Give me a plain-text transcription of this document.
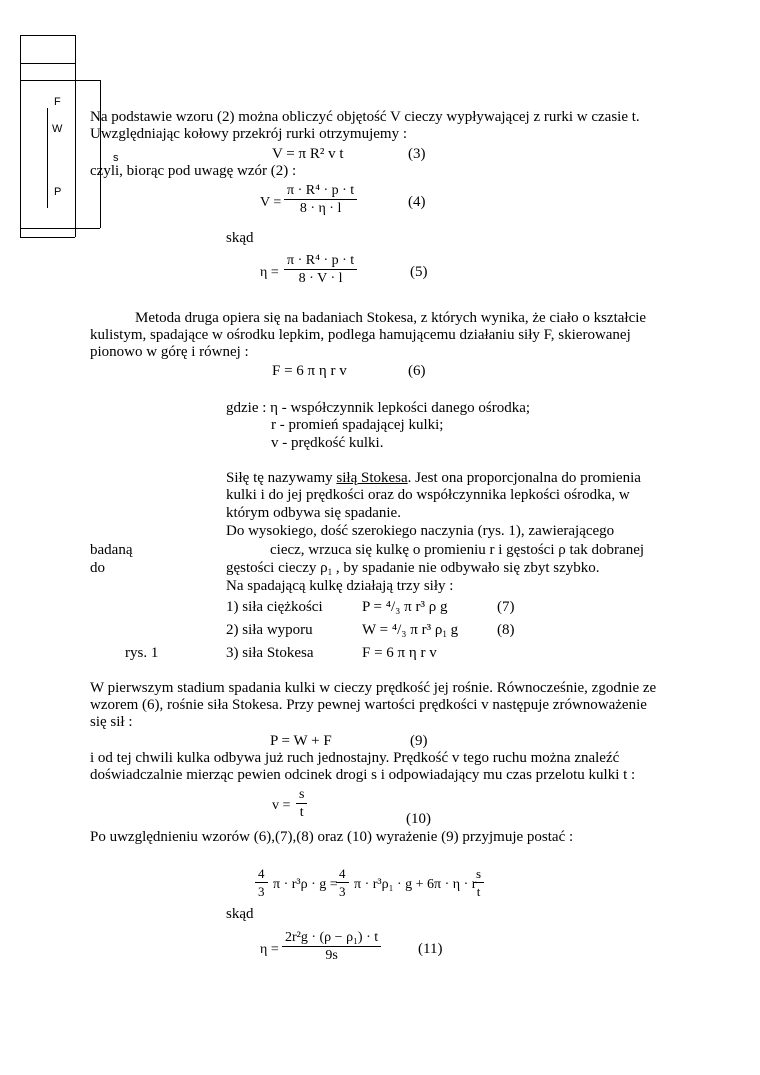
F
W
s
P
Na podstawie wzoru (2) można obliczyć objętość V cieczy wypływającej z rurki w czasie t.
Uwzględniając kołowy przekrój rurki otrzymujemy :
V = π R² v t	(3)
czyli, biorąc pod uwagę wzór (2) :
$V = \frac{\text{π · R⁴ · p · t}}{8 \cdot \eta \cdot l}$	(4)
skąd
$\eta = \frac{\text{π · R⁴ · p · t}}{8 \cdot V \cdot l}$	(5)
Metoda druga opiera się na badaniach Stokesa, z których wynika, że ciało o kształcie
kulistym, spadające w ośrodku lepkim, podlega hamującemu działaniu siły F, skierowanej
pionowo w górę i równej :
F = 6 π η r v	(6)
gdzie : η - współczynnik lepkości danego ośrodka;
r - promień spadającej kulki;
v - prędkość kulki.
Siłę tę nazywamy siłą Stokesa. Jest ona proporcjonalna do promienia
kulki i do jej prędkości oraz do współczynnika lepkości ośrodka, w
którym odbywa się spadanie.
Do wysokiego, dość szerokiego naczynia (rys. 1), zawierającego
badaną	ciecz, wrzuca się kulkę o promieniu r i gęstości ρ tak dobranej
do	gęstości cieczy $\rho_1$ , by spadanie nie odbywało się zbyt szybko.
Na spadającą kulkę działają trzy siły :
1) siła ciężkości	P = ⁴/₃ π r³ ρ g	(7)
2) siła wyporu	W = ⁴/₃ π r³ $\rho_1$ g	(8)
rys. 1	3) siła Stokesa	F = 6 π η r v
W pierwszym stadium spadania kulki w cieczy prędkość jej rośnie. Równocześnie, zgodnie ze
wzorem (6), rośnie siła Stokesa. Przy pewnej wartości prędkości v następuje zrównoważenie
się sił :
P = W + F	(9)
i od tej chwili kulka odbywa już ruch jednostajny. Prędkość v tego ruchu można znaleźć
doświadczalnie mierząc pewien odcinek drogi s i odpowiadający mu czas przelotu kulki t :
$v = \frac{s}{t}$	(10)
Po uwzględnieniu wzorów (6),(7),(8) oraz (10) wyrażenie (9) przyjmuje postać :
$\frac{4}{3}$ π · r³ρ · g =
$\frac{4}{3}$ π · r³ρ₁ · g + 6π · η · r
$\frac{s}{t}$
skąd
$\eta = \frac{\text{2r²g · (ρ − ρ₁) · t}}{9s} (11)$
